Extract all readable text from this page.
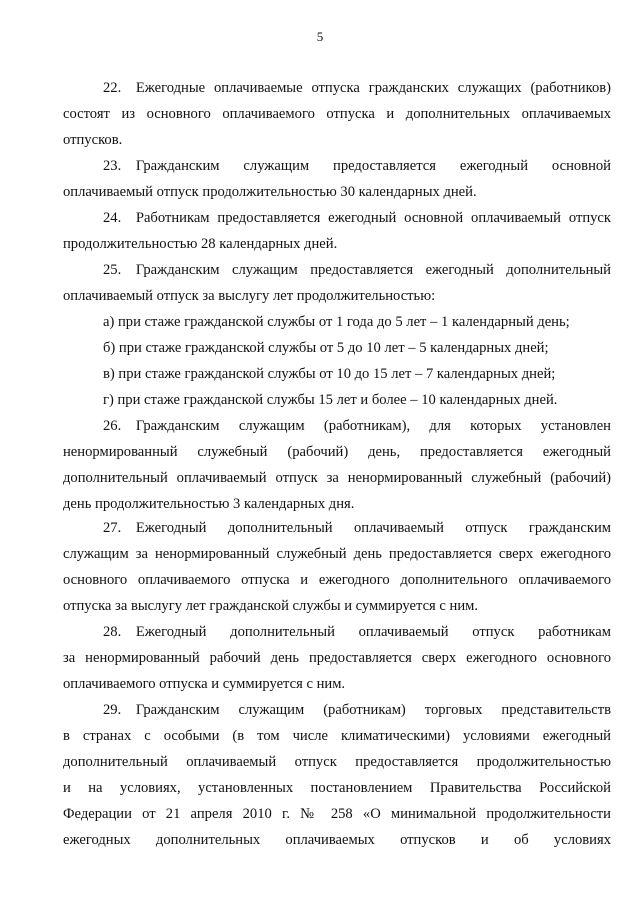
5
22. Ежегодные оплачиваемые отпуска гражданских служащих (работников)
состоят из основного оплачиваемого отпуска и дополнительных оплачиваемых
отпусков.
23. Гражданским служащим предоставляется ежегодный основной
оплачиваемый отпуск продолжительностью 30 календарных дней.
24. Работникам предоставляется ежегодный основной оплачиваемый отпуск
продолжительностью 28 календарных дней.
25. Гражданским служащим предоставляется ежегодный дополнительный
оплачиваемый отпуск за выслугу лет продолжительностью:
а) при стаже гражданской службы от 1 года до 5 лет – 1 календарный день;
б) при стаже гражданской службы от 5 до 10 лет – 5 календарных дней;
в) при стаже гражданской службы от 10 до 15 лет – 7 календарных дней;
г) при стаже гражданской службы 15 лет и более – 10 календарных дней.
26. Гражданским служащим (работникам), для которых установлен
ненормированный служебный (рабочий) день, предоставляется ежегодный
дополнительный оплачиваемый отпуск за ненормированный служебный (рабочий)
день продолжительностью 3 календарных дня.
27. Ежегодный дополнительный оплачиваемый отпуск гражданским
служащим за ненормированный служебный день предоставляется сверх ежегодного
основного оплачиваемого отпуска и ежегодного дополнительного оплачиваемого
отпуска за выслугу лет гражданской службы и суммируется с ним.
28. Ежегодный дополнительный оплачиваемый отпуск работникам
за ненормированный рабочий день предоставляется сверх ежегодного основного
оплачиваемого отпуска и суммируется с ним.
29. Гражданским служащим (работникам) торговых представительств
в странах с особыми (в том числе климатическими) условиями ежегодный
дополнительный оплачиваемый отпуск предоставляется продолжительностью
и на условиях, установленных постановлением Правительства Российской
Федерации от 21 апреля 2010 г. № 258 «О минимальной продолжительности
ежегодных дополнительных оплачиваемых отпусков и об условиях
